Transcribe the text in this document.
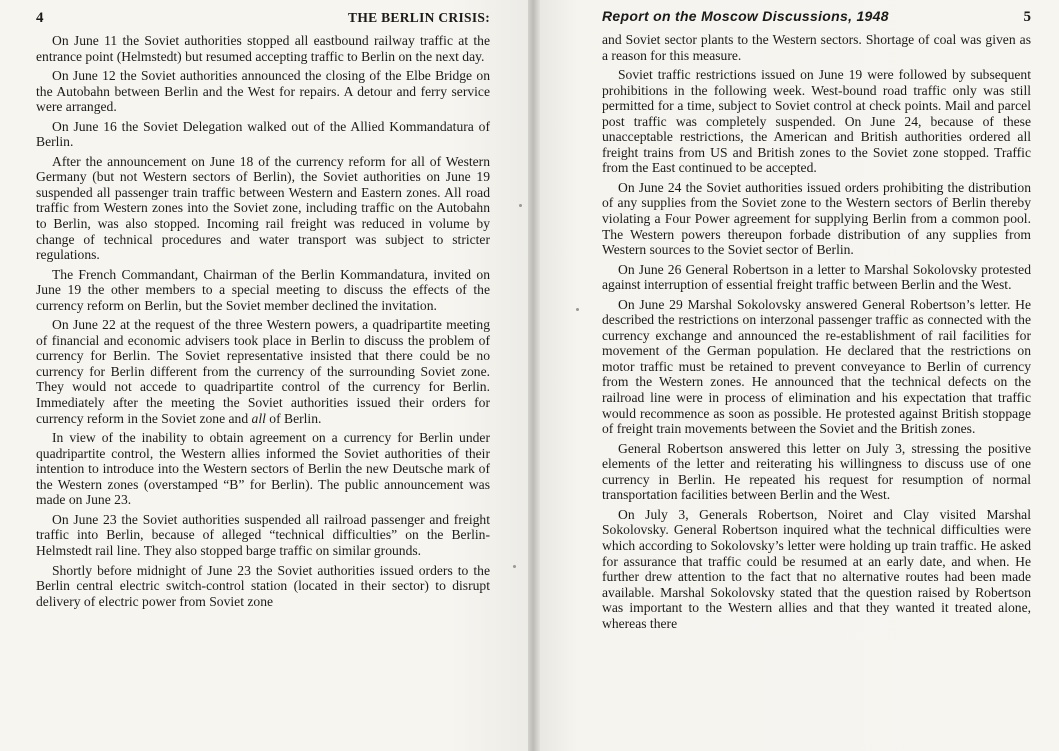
4	THE BERLIN CRISIS:

On June 11 the Soviet authorities stopped all eastbound railway traffic at the entrance point (Helmstedt) but resumed accepting traffic to Berlin on the next day.

On June 12 the Soviet authorities announced the closing of the Elbe Bridge on the Autobahn between Berlin and the West for repairs. A detour and ferry service were arranged.

On June 16 the Soviet Delegation walked out of the Allied Kommandatura of Berlin.

After the announcement on June 18 of the currency reform for all of Western Germany (but not Western sectors of Berlin), the Soviet authorities on June 19 suspended all passenger train traffic between Western and Eastern zones. All road traffic from Western zones into the Soviet zone, including traffic on the Autobahn to Berlin, was also stopped. Incoming rail freight was reduced in volume by change of technical procedures and water transport was subject to stricter regulations.

The French Commandant, Chairman of the Berlin Kommandatura, invited on June 19 the other members to a special meeting to discuss the effects of the currency reform on Berlin, but the Soviet member declined the invitation.

On June 22 at the request of the three Western powers, a quadripartite meeting of financial and economic advisers took place in Berlin to discuss the problem of currency for Berlin. The Soviet representative insisted that there could be no currency for Berlin different from the currency of the surrounding Soviet zone. They would not accede to quadripartite control of the currency for Berlin. Immediately after the meeting the Soviet authorities issued their orders for currency reform in the Soviet zone and all of Berlin.

In view of the inability to obtain agreement on a currency for Berlin under quadripartite control, the Western allies informed the Soviet authorities of their intention to introduce into the Western sectors of Berlin the new Deutsche mark of the Western zones (overstamped “B” for Berlin). The public announcement was made on June 23.

On June 23 the Soviet authorities suspended all railroad passenger and freight traffic into Berlin, because of alleged “technical difficulties” on the Berlin-Helmstedt rail line. They also stopped barge traffic on similar grounds.

Shortly before midnight of June 23 the Soviet authorities issued orders to the Berlin central electric switch-control station (located in their sector) to disrupt delivery of electric power from Soviet zone

Report on the Moscow Discussions, 1948	5

and Soviet sector plants to the Western sectors. Shortage of coal was given as a reason for this measure.

Soviet traffic restrictions issued on June 19 were followed by subsequent prohibitions in the following week. West-bound road traffic only was still permitted for a time, subject to Soviet control at check points. Mail and parcel post traffic was completely suspended. On June 24, because of these unacceptable restrictions, the American and British authorities ordered all freight trains from US and British zones to the Soviet zone stopped. Traffic from the East continued to be accepted.

On June 24 the Soviet authorities issued orders prohibiting the distribution of any supplies from the Soviet zone to the Western sectors of Berlin thereby violating a Four Power agreement for supplying Berlin from a common pool. The Western powers thereupon forbade distribution of any supplies from Western sources to the Soviet sector of Berlin.

On June 26 General Robertson in a letter to Marshal Sokolovsky protested against interruption of essential freight traffic between Berlin and the West.

On June 29 Marshal Sokolovsky answered General Robertson’s letter. He described the restrictions on interzonal passenger traffic as connected with the currency exchange and announced the re-establishment of rail facilities for movement of the German population. He declared that the restrictions on motor traffic must be retained to prevent conveyance to Berlin of currency from the Western zones. He announced that the technical defects on the railroad line were in process of elimination and his expectation that traffic would recommence as soon as possible. He protested against British stoppage of freight train movements between the Soviet and the British zones.

General Robertson answered this letter on July 3, stressing the positive elements of the letter and reiterating his willingness to discuss use of one currency in Berlin. He repeated his request for resumption of normal transportation facilities between Berlin and the West.

On July 3, Generals Robertson, Noiret and Clay visited Marshal Sokolovsky. General Robertson inquired what the technical difficulties were which according to Sokolovsky’s letter were holding up train traffic. He asked for assurance that traffic could be resumed at an early date, and when. He further drew attention to the fact that no alternative routes had been made available. Marshal Sokolovsky stated that the question raised by Robertson was important to the Western allies and that they wanted it treated alone, whereas there
